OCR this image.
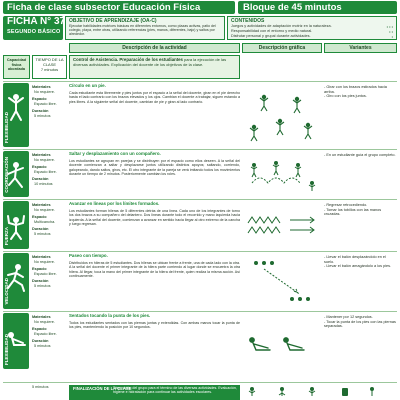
Ficha de clase subsector Educación Física	Bloque de 45 minutos
FICHA N° 37
SEGUNDO BÁSICO
OBJETIVO DE APRENDIZAJE (OA-C)
Ejecutar habilidades motrices básicas en diferentes entornos, como plazas activas, patio del colegio, playa, entre otras, utilizando referencias (pies, manos, diferentes, bajo) y saltos por alrededor.
CONTENIDOS
Juegos y actividades de adaptación motriz en la naturaleza.
Responsabilidad con el entorno y medio natural.
Disfrutar personal y grupal durante actividades.
• • •
• •
•
Descripción de la actividad	Descripción gráfica	Variantes
Capacidad física abordada
TIEMPO DE LA CLASE
7 minutos
Control de Asistencia. Preparación de los estudiantes para la ejecución de las diversas actividades. Explicación del docente de los objetivos de la clase.
FLEXIBILIDAD
Materiales
No requiere.
Espacio
Espacio libre.
Duración
5 minutos
Círculo en un pie.
Cada estudiante esta libremente y pies juntos por el espacio a la señal del docente, giran en el pie derecho hasta el lado contrario con los brazos elevados y los ojos. Cambian el docente a trabajar, siguen estando a pies libres. A la siguiente señal del docente, cambian de pie y giran al lado contrario.
- Girar con los brazos estirados hacia arriba.
- Giro con los pies juntos.
COORDINACIÓN
Materiales
No requiere.
Espacio
Espacio libre.
Duración
10 minutos
Saltar y desplazamiento con un compañero.
Los estudiantes se agrupan en parejas y se distribuyen por el espacio como ellos deseen. A la señal del docente comienzan a saltar y desplazarse juntos utilizando distintos apoyos; saltando, corriendo, galopeando, dando saltos, giros, etc. El otro integrante de la pareja se verá imitando todos los movimientos durante un tiempo de 2 minutos. Posteriormente cambian los roles.
- En un estudiante guía el grupo completo.
FUERZA
Materiales
No requiere.
Espacio
Multicancha.
Duración
5 minutos
Avanzar en líneas por los límites formados.
Los estudiantes forman hileras de 5 diferentes detrás de una línea. Cada uno de los integrantes de torno los dos brazos a su compañero del delantero. Dos líneas durante todo el recorrido y mano izquierda hacia izquierda. A la señal del docente, comienzan a avanzar en sentido hacia llegar al otro extremo de la cancha y luego regresan.
- Regresar retrocediendo.
- Tomar los tobillos con las manos cruzadas.
VELOCIDAD
Materiales
No requiere.
Espacio
Espacio libre.
Duración
5 minutos
Paseo con tiempo.
Distribuidos en hileras de 5 estudiantes. Dos hileras se ubican frente a frente, una de cada lado con la otra. A la señal del docente el primer integrante de la hilera parte corriendo al lugar donde se encuentra la otra hilera. Al llegar, toca la mano del primer integrante de la hilera del frente, quien realiza la misma acción. Así continuamente.
- Llevar el balón desplazándolo en el suelo.
- Llevar el balón amagándolo a los pies.
FLEXIBILIDAD
Materiales
No requiere.
Espacio
Espacio libre.
Duración
5 minutos
Sentados tocando la punta de los pies.
Todos los estudiantes sentados con las piernas juntas y extendidas. Con ambas manos tocar la punta de los pies, manteniendo la posición por 10 segundos.
- Mantener por 12 segundos.
- Tocar la punta de los pies con las piernas separadas.
5 minutos	FINALIZACIÓN DE LA CLASE
Disposición del grupo para el término de las diversas actividades. Evaluación, higiene e hidratación para continuar las actividades escolares.
